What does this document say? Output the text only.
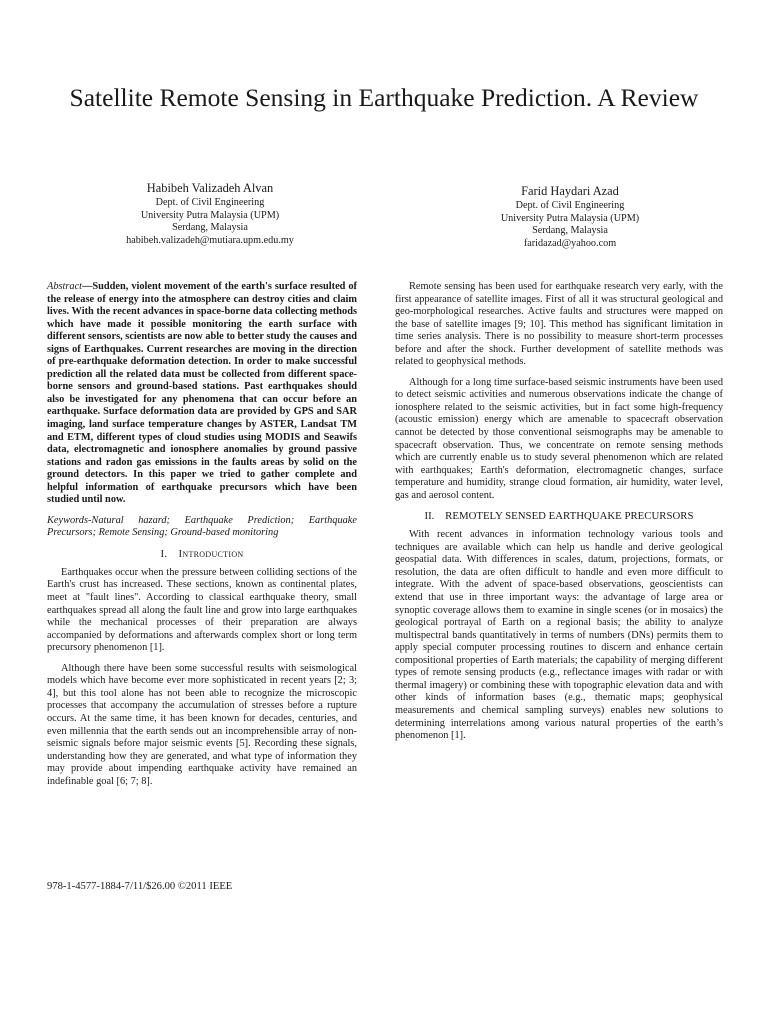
Satellite Remote Sensing in Earthquake Prediction. A Review
Habibeh Valizadeh Alvan
Dept. of Civil Engineering
University Putra Malaysia (UPM)
Serdang, Malaysia
habibeh.valizadeh@mutiara.upm.edu.my
Farid Haydari Azad
Dept. of Civil Engineering
University Putra Malaysia (UPM)
Serdang, Malaysia
faridazad@yahoo.com

Abstract—Sudden, violent movement of the earth's surface resulted of the release of energy into the atmosphere can destroy cities and claim lives. With the recent advances in space-borne data collecting methods which have made it possible monitoring the earth surface with different sensors, scientists are now able to better study the causes and signs of Earthquakes. Current researches are moving in the direction of pre-earthquake deformation detection. In order to make successful prediction all the related data must be collected from different space-borne sensors and ground-based stations. Past earthquakes should also be investigated for any phenomena that can occur before an earthquake. Surface deformation data are provided by GPS and SAR imaging, land surface temperature changes by ASTER, Landsat TM and ETM, different types of cloud studies using MODIS and Seawifs data, electromagnetic and ionosphere anomalies by ground passive stations and radon gas emissions in the faults areas by solid on the ground detectors. In this paper we tried to gather complete and helpful information of earthquake precursors which have been studied until now.

Keywords-Natural hazard; Earthquake Prediction; Earthquake Precursors; Remote Sensing; Ground-based monitoring

I. Introduction

Earthquakes occur when the pressure between colliding sections of the Earth's crust has increased. These sections, known as continental plates, meet at "fault lines". According to classical earthquake theory, small earthquakes spread all along the fault line and grow into large earthquakes while the mechanical processes of their preparation are always accompanied by deformations and afterwards complex short or long term precursory phenomenon [1].

Although there have been some successful results with seismological models which have become ever more sophisticated in recent years [2; 3; 4], but this tool alone has not been able to recognize the microscopic processes that accompany the accumulation of stresses before a rupture occurs. At the same time, it has been known for decades, centuries, and even millennia that the earth sends out an incomprehensible array of non-seismic signals before major seismic events [5]. Recording these signals, understanding how they are generated, and what type of information they may provide about impending earthquake activity have remained an indefinable goal [6; 7; 8].

Remote sensing has been used for earthquake research very early, with the first appearance of satellite images. First of all it was structural geological and geo-morphological researches. Active faults and structures were mapped on the base of satellite images [9; 10]. This method has significant limitation in time series analysis. There is no possibility to measure short-term processes before and after the shock. Further development of satellite methods was related to geophysical methods.

Although for a long time surface-based seismic instruments have been used to detect seismic activities and numerous observations indicate the change of ionosphere related to the seismic activities, but in fact some high-frequency (acoustic emission) energy which are amenable to spacecraft observation cannot be detected by those conventional seismographs may be amenable to spacecraft observation. Thus, we concentrate on remote sensing methods which are currently enable us to study several phenomenon which are related with earthquakes; Earth's deformation, electromagnetic changes, surface temperature and humidity, strange cloud formation, air humidity, water level, gas and aerosol content.

II. REMOTELY SENSED EARTHQUAKE PRECURSORS

With recent advances in information technology various tools and techniques are available which can help us handle and derive geological geospatial data. With differences in scales, datum, projections, formats, or resolution, the data are often difficult to handle and even more difficult to integrate. With the advent of space-based observations, geoscientists can extend that use in three important ways: the advantage of large area or synoptic coverage allows them to examine in single scenes (or in mosaics) the geological portrayal of Earth on a regional basis; the ability to analyze multispectral bands quantitatively in terms of numbers (DNs) permits them to apply special computer processing routines to discern and enhance certain compositional properties of Earth materials; the capability of merging different types of remote sensing products (e.g., reflectance images with radar or with thermal imagery) or combining these with topographic elevation data and with other kinds of information bases (e.g., thematic maps; geophysical measurements and chemical sampling surveys) enables new solutions to determining interrelations among various natural properties of the earth’s phenomenon [1].

978-1-4577-1884-7/11/$26.00 ©2011 IEEE
